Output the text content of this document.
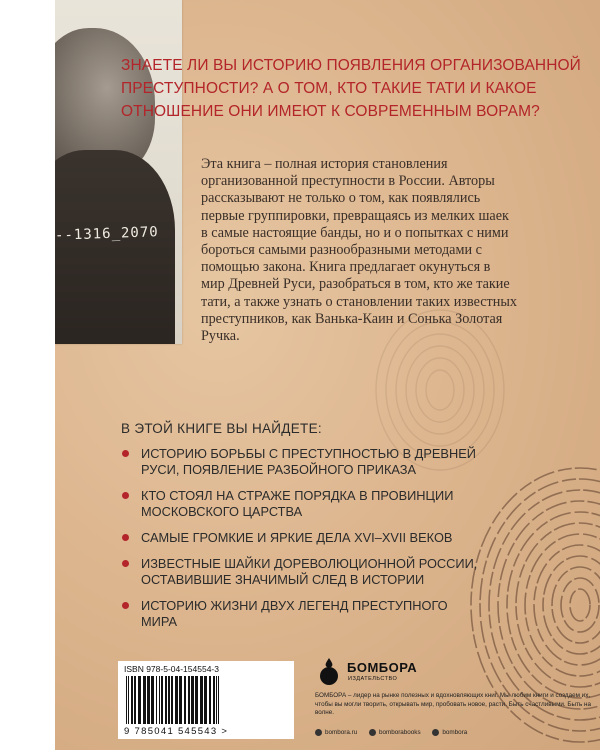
--1316_2070

ЗНАЕТЕ ЛИ ВЫ ИСТОРИЮ ПОЯВЛЕНИЯ ОРГАНИЗОВАННОЙ ПРЕСТУПНОСТИ? А О ТОМ, КТО ТАКИЕ ТАТИ И КАКОЕ ОТНОШЕНИЕ ОНИ ИМЕЮТ К СОВРЕМЕННЫМ ВОРАМ?

Эта книга – полная история становления организованной преступности в России. Авторы рассказывают не только о том, как появлялись первые группировки, превращаясь из мелких шаек в самые настоящие банды, но и о попытках с ними бороться самыми разнообразными методами с помощью закона. Книга предлагает окунуться в мир Древней Руси, разобраться в том, кто же такие тати, а также узнать о становлении таких известных преступников, как Ванька-Каин и Сонька Золотая Ручка.

В ЭТОЙ КНИГЕ ВЫ НАЙДЕТЕ:
ИСТОРИЮ БОРЬБЫ С ПРЕСТУПНОСТЬЮ В ДРЕВНЕЙ РУСИ, ПОЯВЛЕНИЕ РАЗБОЙНОГО ПРИКАЗА
КТО СТОЯЛ НА СТРАЖЕ ПОРЯДКА В ПРОВИНЦИИ МОСКОВСКОГО ЦАРСТВА
САМЫЕ ГРОМКИЕ И ЯРКИЕ ДЕЛА XVI–XVII ВЕКОВ
ИЗВЕСТНЫЕ ШАЙКИ ДОРЕВОЛЮЦИОННОЙ РОССИИ, ОСТАВИВШИЕ ЗНАЧИМЫЙ СЛЕД В ИСТОРИИ
ИСТОРИЮ ЖИЗНИ ДВУХ ЛЕГЕНД ПРЕСТУПНОГО МИРА
ISBN 978-5-04-154554-3
9 785041 545543 >
БОМБОРА
ИЗДАТЕЛЬСТВО

БОМБОРА – лидер на рынке полезных и вдохновляющих книг. Мы любим книги и создаем их, чтобы вы могли творить, открывать мир, пробовать новое, расти. Быть счастливыми. Быть на волне.

bombora.ru	bomborabooks	bombora
